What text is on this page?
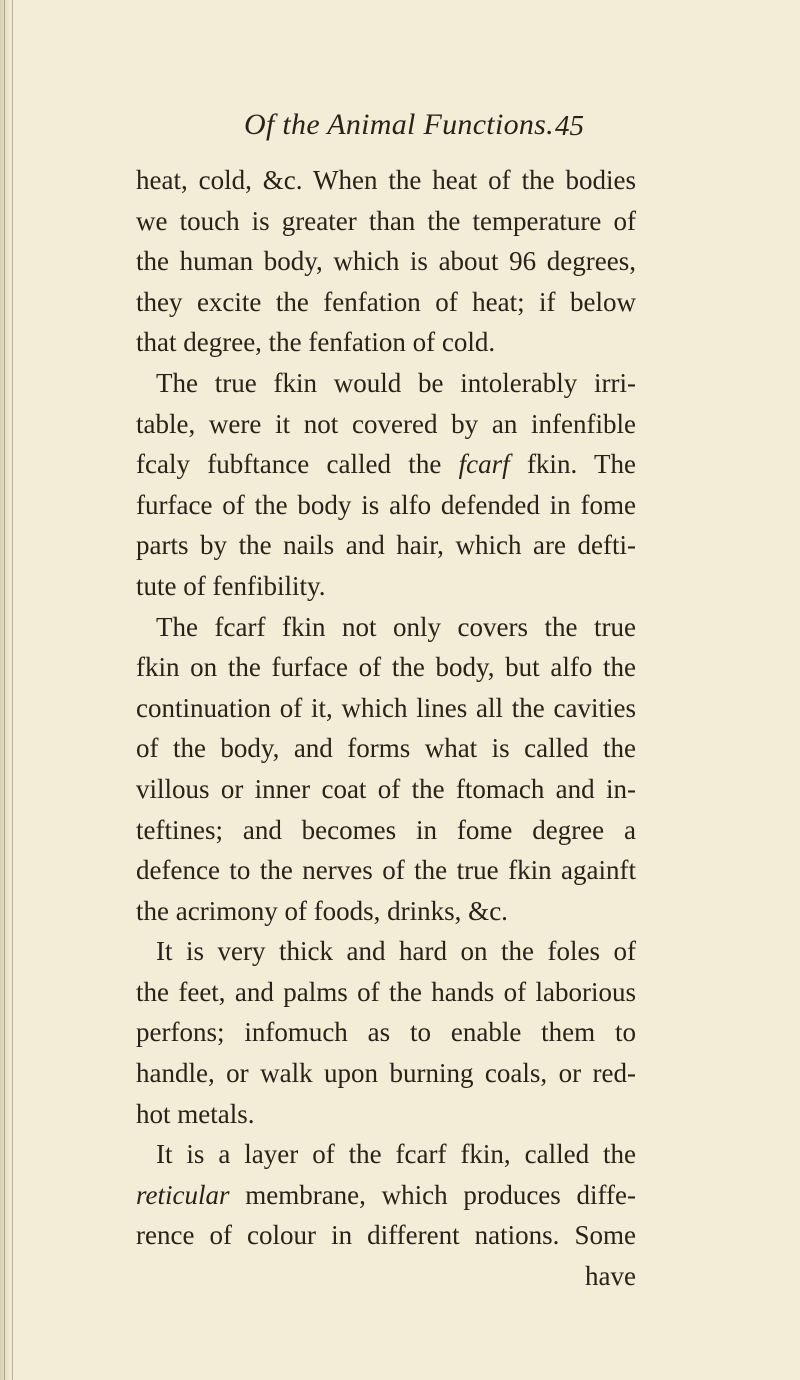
Of the Animal Functions. 45
heat, cold, &c. When the heat of the bodies
we touch is greater than the temperature of
the human body, which is about 96 degrees,
they excite the fenfation of heat; if below
that degree, the fenfation of cold.
The true fkin would be intolerably irri-
table, were it not covered by an infenfible
fcaly fubftance called the fcarf fkin. The
furface of the body is alfo defended in fome
parts by the nails and hair, which are defti-
tute of fenfibility.
The fcarf fkin not only covers the true
fkin on the furface of the body, but alfo the
continuation of it, which lines all the cavities
of the body, and forms what is called the
villous or inner coat of the ftomach and in-
teftines; and becomes in fome degree a
defence to the nerves of the true fkin againft
the acrimony of foods, drinks, &c.
It is very thick and hard on the foles of
the feet, and palms of the hands of laborious
perfons; infomuch as to enable them to
handle, or walk upon burning coals, or red-
hot metals.
It is a layer of the fcarf fkin, called the
reticular membrane, which produces diffe-
rence of colour in different nations. Some
have
